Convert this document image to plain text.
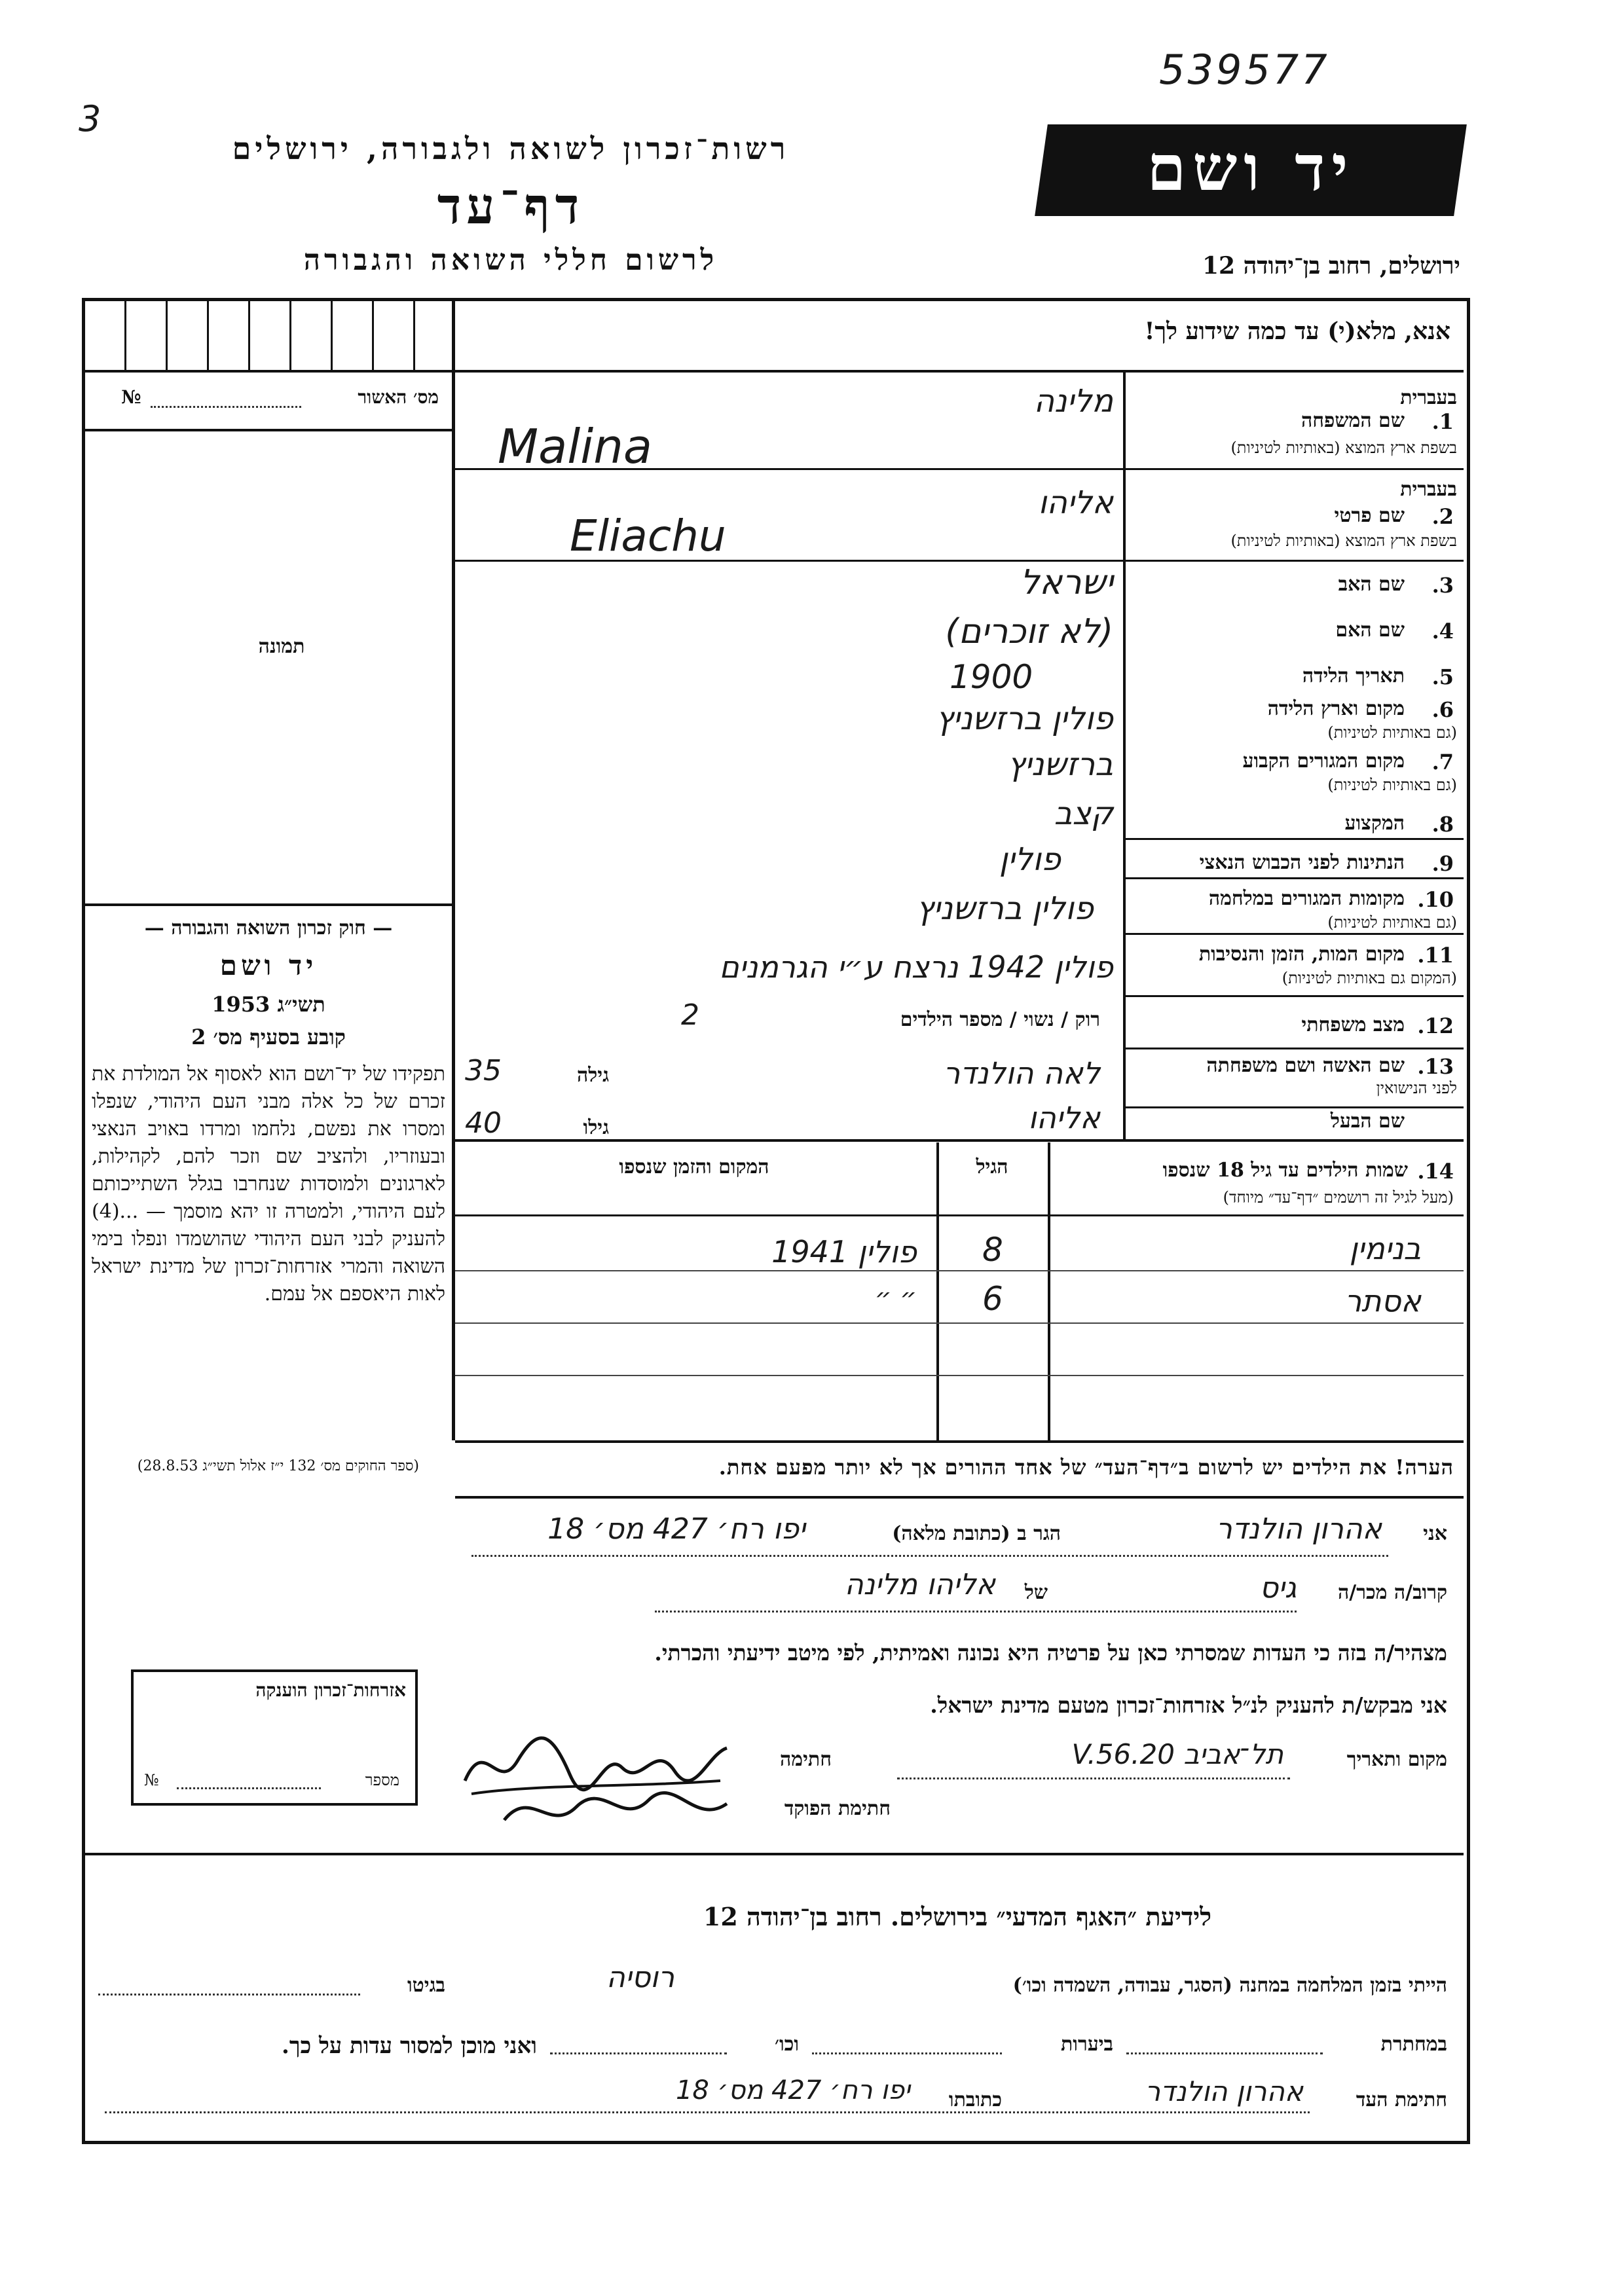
539577
3
רשות־זכרון לשואה ולגבורה, ירושלים
דף־עד
לרשום חללי השואה והגבורה
יד ושם
ירושלים, רחוב בן־יהודה 12
אנא, מלא(י) עד כמה שידוע לך!
מס׳ האשור
№
תמונה
— חוק זכרון השואה והגבורה —
יד ושם
תשי״ג 1953
קובע בסעיף מס׳ 2
תפקידו של יד־ושם הוא לאסוף אל המולדת את זכרם של כל אלה מבני העם היהודי, שנפלו ומסרו את נפשם, נלחמו ומרדו באויב הנאצי ובעוזריו, ולהציב שם וזכר להם, לקהילות, לארגונים ולמוסדות שנחרבו בגלל השתייכותם לעם היהודי, ולמטרה זו יהא מוסמך — ...(4) להעניק לבני העם היהודי שהושמדו ונפלו בימי השואה והמרי אזרחות־זכרון של מדינת ישראל לאות היאספם אל עמם.
(ספר החוקים מס׳ 132 י״ז אלול תשי״ג 28.8.53)
אזרחות־זכרון הוענקה
מספר
№
בעברית
1.
שם המשפחה
בשפת ארץ המוצא (באותיות לטיניות)
מלינה
Malina
בעברית
2.
שם פרטי
בשפת ארץ המוצא (באותיות לטיניות)
אליהו
Eliachu
3.
שם האב
ישראל
4.
שם האם
(לא זוכרים)
5.
תאריך הלידה
1900
6.
מקום וארץ הלידה
(גם באותיות לטיניות)
פולין ברזשניץ
7.
מקום המגורים הקבוע
(גם באותיות לטיניות)
ברזשניץ
8.
המקצוע
קצב
9.
הנתינות לפני הכבוש הנאצי
פולין
10.
מקומות המגורים במלחמה
(גם באותיות לטיניות)
פולין ברזשניץ
11.
מקום המות, הזמן והנסיבות
(המקום גם באותיות לטיניות)
פולין 1942 נרצח ע״י הגרמנים
12.
מצב משפחתי
רוק / נשוי / מספר הילדים
2
13.
שם האשה ושם משפחתה
לפני הנישואין
לאה הולנדר
גילה
35
שם הבעל
אליהו
גילו
40
14.
שמות הילדים עד גיל 18 שנספו
(מעל לגיל זה רושמים ״דף־עד״ מיוחד)
הגיל
המקום והזמן שנספו
בנימין
8
פולין 1941
אסתר
6
״ ״
הערה! את הילדים יש לרשום ב״דף־העד״ של אחד ההורים אך לא יותר מפעם אחת.
אני
אהרון הולנדר
הגר ב (כתובת מלאה)
יפו רח׳ 427 מס׳ 18
קרוב/ה מכר/ה
גיס
של
אליהו מלינה
מצהיר/ה בזה כי העדות שמסרתי כאן על פרטיה היא נכונה ואמיתית, לפי מיטב ידיעתי והכרתי.
אני מבקש/ת להעניק לנ״ל אזרחות־זכרון מטעם מדינת ישראל.
מקום ותאריך
תל־אביב 20.V.56
חתימה
חתימת הפוקד
לידיעת ״האגף המדעי״ בירושלים. רחוב בן־יהודה 12
הייתי בזמן המלחמה במחנה (הסגר, עבודה, השמדה וכו׳)
רוסיה
בגיטו
במחתרת
ביערות
וכו׳
ואני מוכן למסור עדות על כך.
חתימת העד
אהרון הולנדר
כתובתו
יפו רח׳ 427 מס׳ 18
